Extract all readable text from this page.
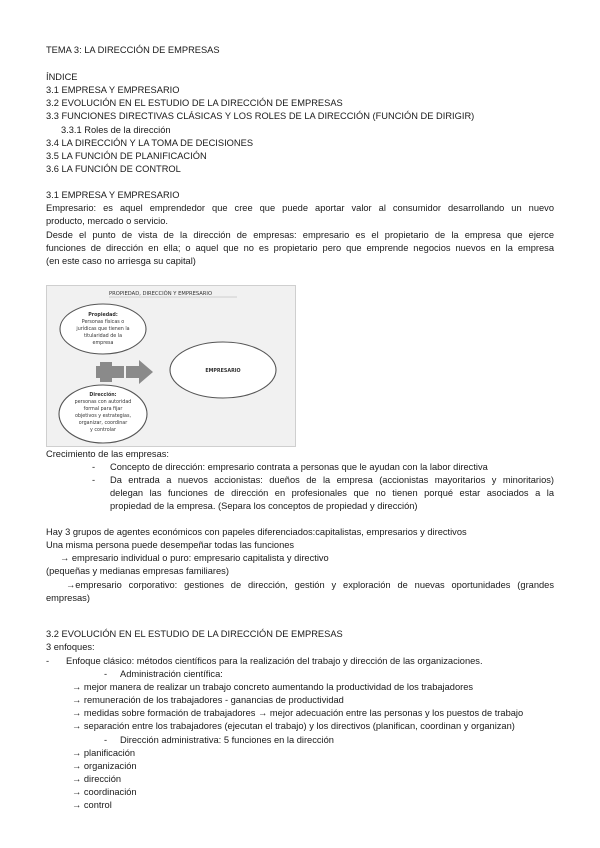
TEMA 3: LA DIRECCIÓN DE EMPRESAS
ÍNDICE
3.1 EMPRESA Y EMPRESARIO
3.2 EVOLUCIÓN EN EL ESTUDIO DE LA DIRECCIÓN DE EMPRESAS
3.3 FUNCIONES DIRECTIVAS CLÁSICAS Y LOS ROLES DE LA DIRECCIÓN (FUNCIÓN DE DIRIGIR)
3.3.1 Roles de la dirección
3.4 LA DIRECCIÓN Y LA TOMA DE DECISIONES
3.5 LA FUNCIÓN DE PLANIFICACIÓN
3.6 LA FUNCIÓN DE CONTROL
3.1 EMPRESA Y EMPRESARIO
Empresario: es aquel emprendedor que cree que puede aportar valor al consumidor desarrollando un nuevo
producto, mercado o servicio.
Desde el punto de vista de la dirección de empresas: empresario es el propietario de la empresa que ejerce
funciones de dirección en ella; o aquel que no es propietario pero que emprende negocios nuevos en la empresa
(en este caso no arriesga su capital)
PROPIEDAD, DIRECCIÓN Y EMPRESARIO
Propiedad:
Personas físicas o
jurídicas que tienen la
titularidad de la
empresa
EMPRESARIO
Dirección:
personas con autoridad
formal para fijar
objetivos y estrategias,
organizar, coordinar
y controlar
Crecimiento de las empresas:
- Concepto de dirección: empresario contrata a personas que le ayudan con la labor directiva
- Da entrada a nuevos accionistas: dueños de la empresa (accionistas mayoritarios y minoritarios)
delegan las funciones de dirección en profesionales que no tienen porqué estar asociados a la
propiedad de la empresa. (Separa los conceptos de propiedad y dirección)
Hay 3 grupos de agentes económicos con papeles diferenciados:capitalistas, empresarios y directivos
Una misma persona puede desempeñar todas las funciones
→ empresario individual o puro: empresario capitalista y directivo
(pequeñas y medianas empresas familiares)
→empresario corporativo: gestiones de dirección, gestión y exploración de nuevas oportunidades (grandes
empresas)
3.2 EVOLUCIÓN EN EL ESTUDIO DE LA DIRECCIÓN DE EMPRESAS
3 enfoques:
- Enfoque clásico: métodos científicos para la realización del trabajo y dirección de las organizaciones.
- Administración científica:
→ mejor manera de realizar un trabajo concreto aumentando la productividad de los trabajadores
→ remuneración de los trabajadores - ganancias de productividad
→ medidas sobre formación de trabajadores → mejor adecuación entre las personas y los puestos de trabajo
→ separación entre los trabajadores (ejecutan el trabajo) y los directivos (planifican, coordinan y organizan)
- Dirección administrativa: 5 funciones en la dirección
→ planificación
→ organización
→ dirección
→ coordinación
→ control
